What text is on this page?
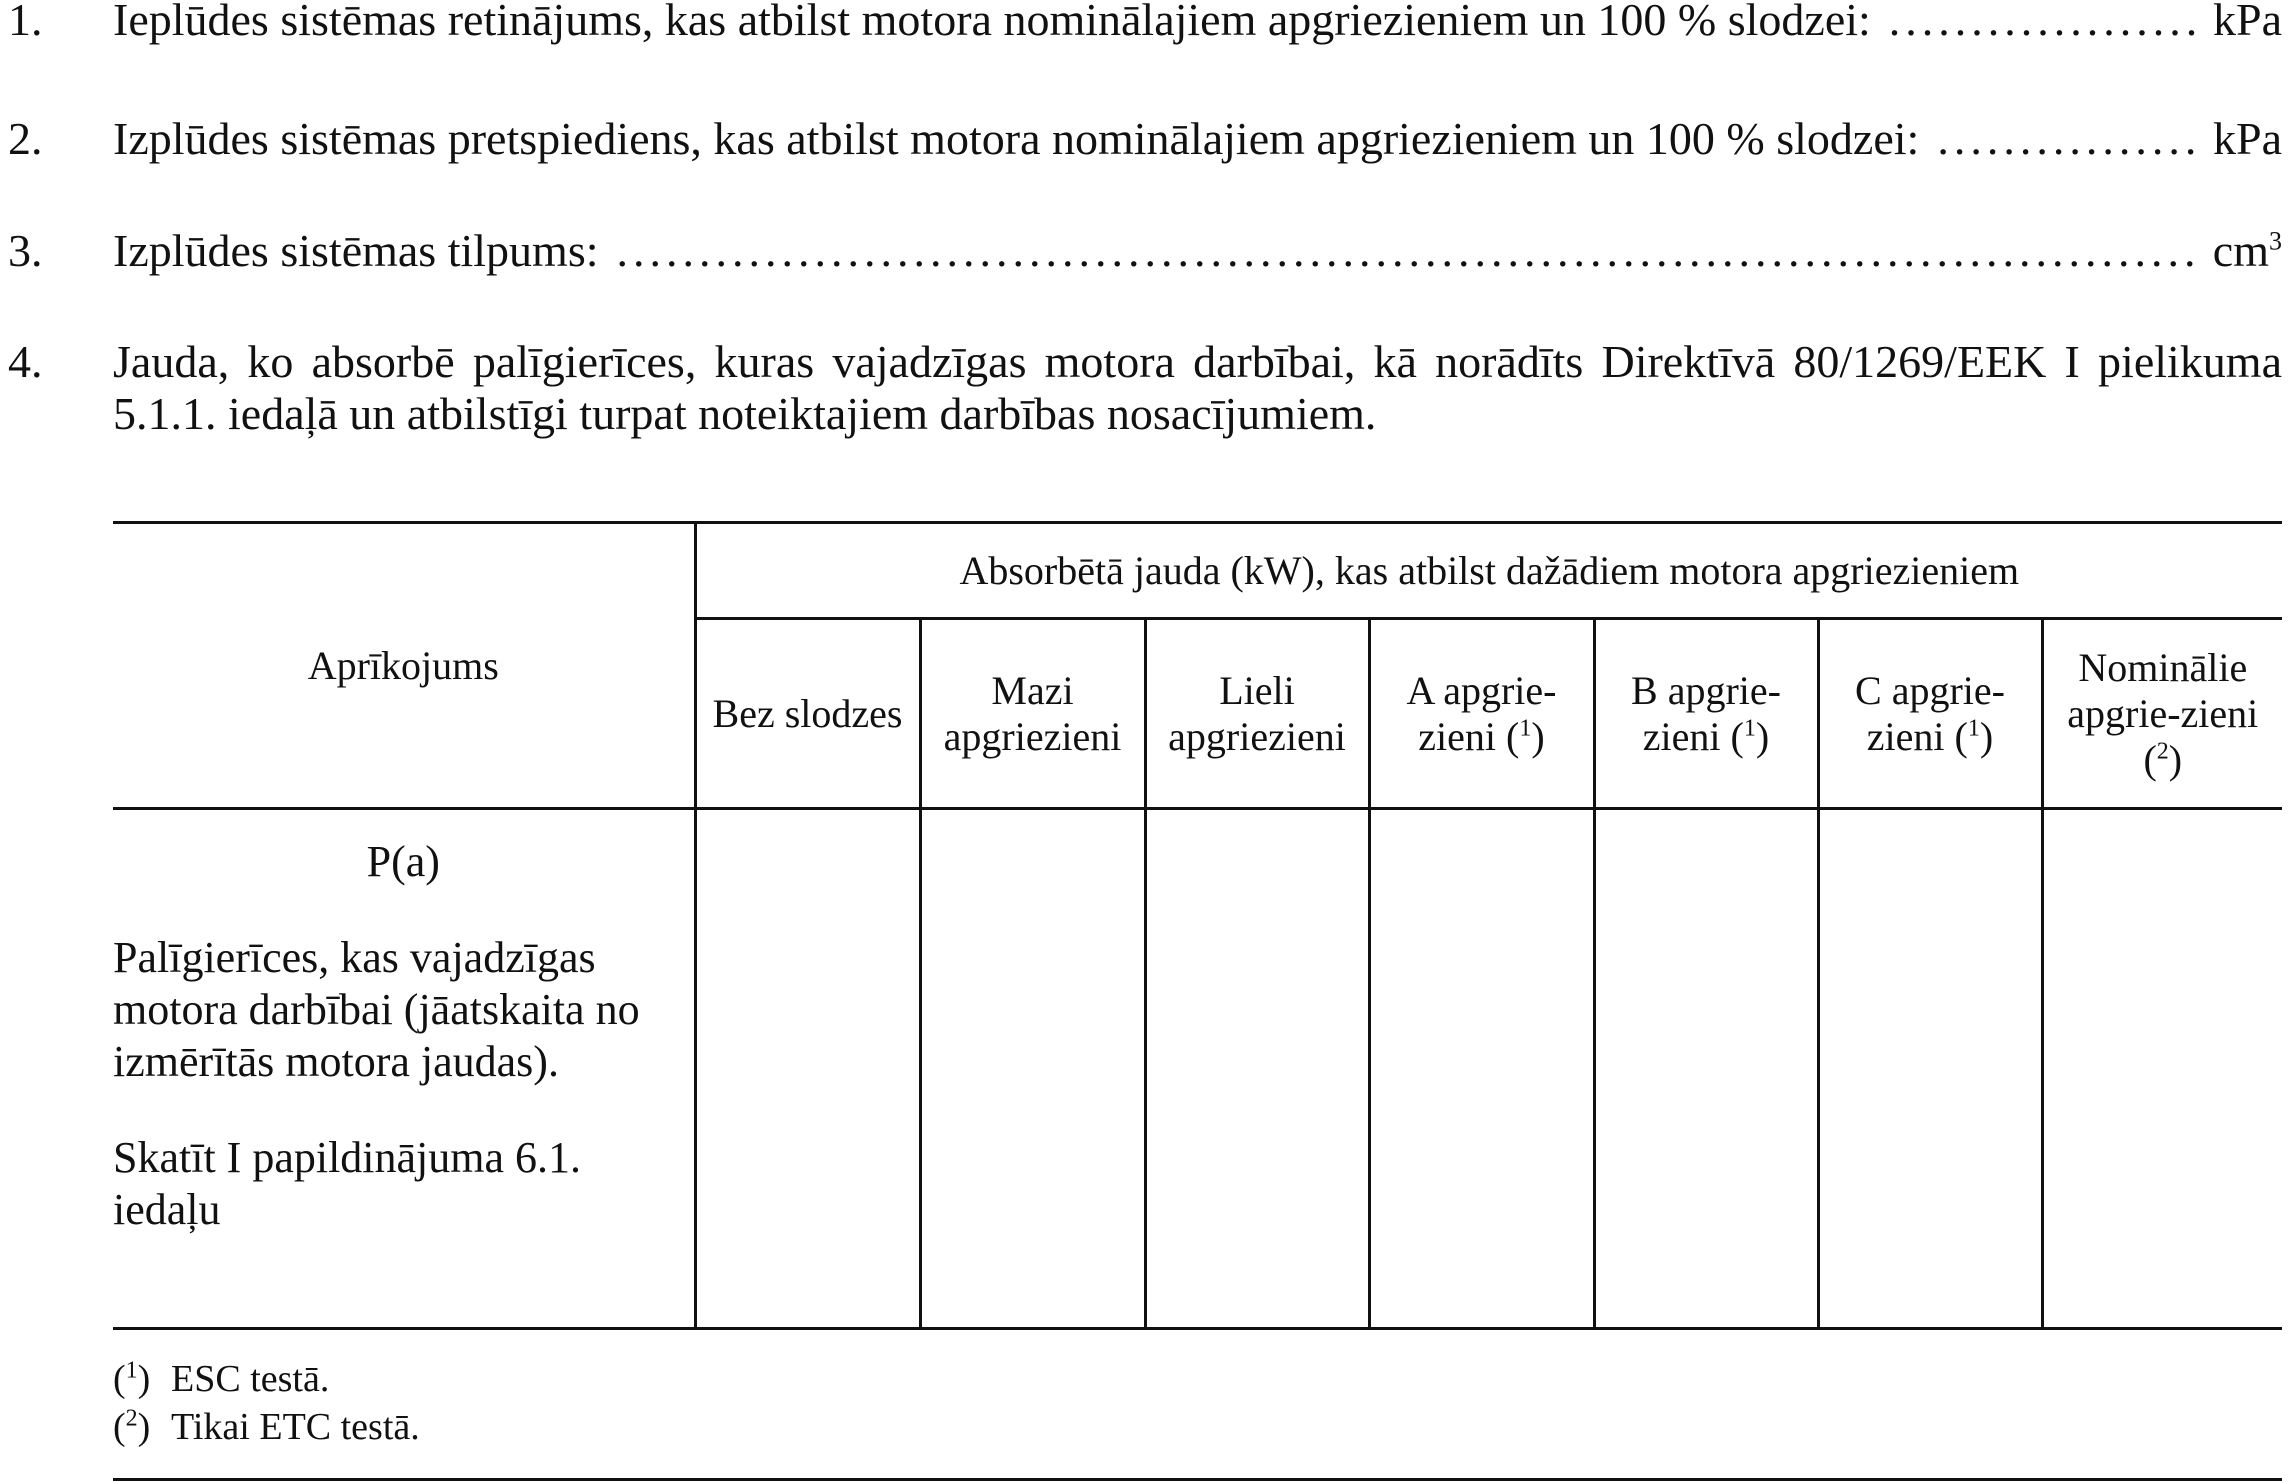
1. Ieplūdes sistēmas retinājums, kas atbilst motora nominālajiem apgriezieniem un 100 % slodzei: .....	kPa
2. Izplūdes sistēmas pretspiediens, kas atbilst motora nominālajiem apgriezieniem un 100 % slodzei: .....	kPa
3. Izplūdes sistēmas tilpums: .....	$cm^3$
4. Jauda, ko absorbē palīgierīces, kuras vajadzīgas motora darbībai, kā norādīts Direktīvā 80/1269/EEK I pielikuma 5.1.1. iedaļā un atbilstīgi turpat noteiktajiem darbības nosacījumiem.
Aprīkojums	Absorbētā jauda (kW), kas atbilst dažādiem motora apgriezieniem						
	Bez slodzes	Mazi apgriezieni	Lieli apgriezieni	A apgrie-zieni ($^1$)	B apgrie-zieni ($^1$)	C apgrie-zieni ($^1$)	Nominālie apgrie-zieni ($^2$)

P(a)
Palīgierīces, kas vajadzīgas motora darbībai (jāatskaita no izmērītās motora jaudas).
Skatīt I papildinājuma 6.1. iedaļu							

($^1$) ESC testā.
($^2$) Tikai ETC testā.
